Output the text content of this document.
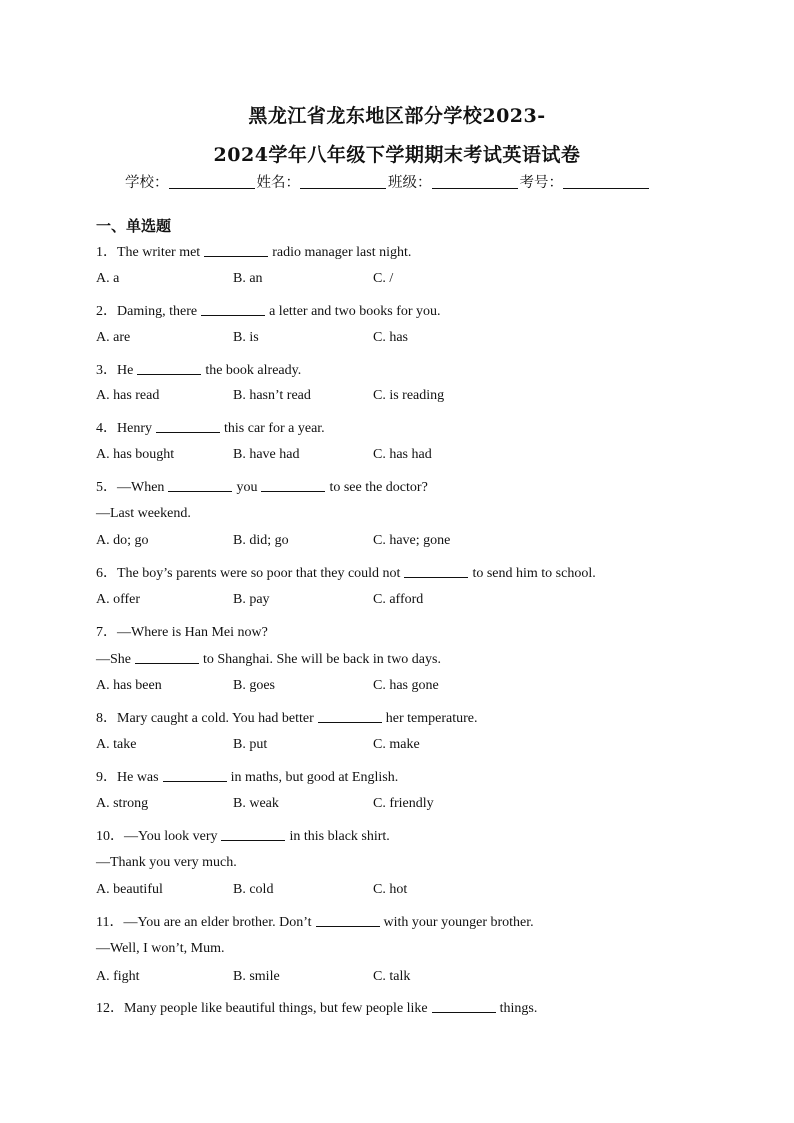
黑龙江省龙东地区部分学校2023-
2024学年八年级下学期期末考试英语试卷
学校：	姓名：	班级：	考号：
一、单选题
1．The writer met	radio manager last night.
A. a	B. an	C. /
2．Daming, there	a letter and two books for you.
A. are	B. is	C. has
3．He	the book already.
A. has read	B. hasn’t read	C. is reading
4．Henry	this car for a year.
A. has bought	B. have had	C. has had
5．—When	you	to see the doctor?
—Last weekend.
A. do; go	B. did; go	C. have; gone
6．The boy’s parents were so poor that they could not	to send him to school.
A. offer	B. pay	C. afford
7．—Where is Han Mei now?
—She	to Shanghai. She will be back in two days.
A. has been	B. goes	C. has gone
8．Mary caught a cold. You had better	her temperature.
A. take	B. put	C. make
9．He was	in maths, but good at English.
A. strong	B. weak	C. friendly
10．—You look very	in this black shirt.
—Thank you very much.
A. beautiful	B. cold	C. hot
11．—You are an elder brother. Don’t	with your younger brother.
—Well, I won’t, Mum.
A. fight	B. smile	C. talk
12．Many people like beautiful things, but few people like	things.
